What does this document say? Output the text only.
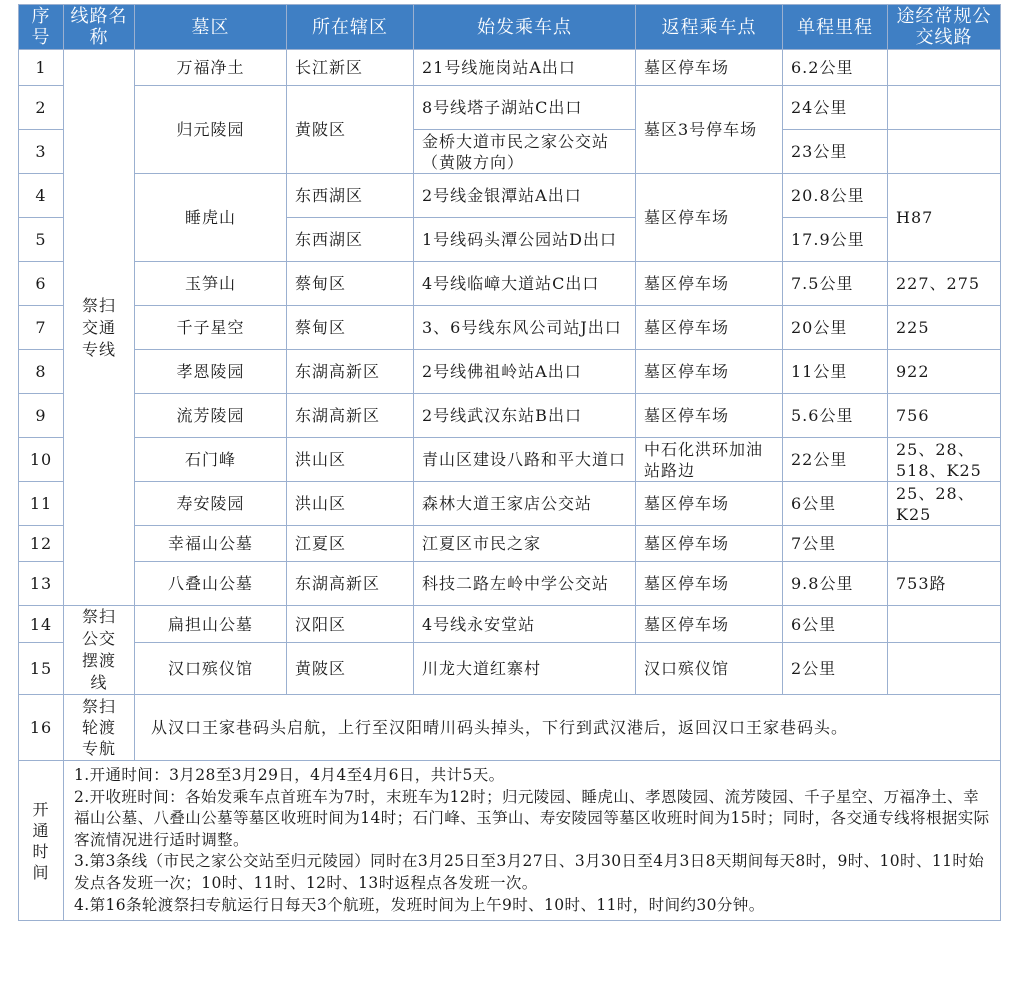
序号	线路名称	墓区	所在辖区	始发乘车点	返程乘车点	单程里程	途经常规公交线路
1	祭扫交通专线	万福净土	长江新区	21号线施岗站A出口	墓区停车场	6.2公里	
2		归元陵园	黄陂区	8号线塔子湖站C出口	墓区3号停车场	24公里	
3				金桥大道市民之家公交站（黄陂方向）		23公里	
4		睡虎山	东西湖区	2号线金银潭站A出口	墓区停车场	20.8公里	H87
5			东西湖区	1号线码头潭公园站D出口		17.9公里	
6		玉笋山	蔡甸区	4号线临嶂大道站C出口	墓区停车场	7.5公里	227、275
7		千子星空	蔡甸区	3、6号线东风公司站J出口	墓区停车场	20公里	225
8		孝恩陵园	东湖高新区	2号线佛祖岭站A出口	墓区停车场	11公里	922
9		流芳陵园	东湖高新区	2号线武汉东站B出口	墓区停车场	5.6公里	756
10		石门峰	洪山区	青山区建设八路和平大道口	中石化洪环加油站路边	22公里	25、28、518、K25
11		寿安陵园	洪山区	森林大道王家店公交站	墓区停车场	6公里	25、28、K25
12		幸福山公墓	江夏区	江夏区市民之家	墓区停车场	7公里	
13		八叠山公墓	东湖高新区	科技二路左岭中学公交站	墓区停车场	9.8公里	753路
14	祭扫公交摆渡线	扁担山公墓	汉阳区	4号线永安堂站	墓区停车场	6公里	
15		汉口殡仪馆	黄陂区	川龙大道红寨村	汉口殡仪馆	2公里	
16	祭扫轮渡专航	从汉口王家巷码头启航，上行至汉阳晴川码头掉头，下行到武汉港后，返回汉口王家巷码头。					
开通时间	1.开通时间：3月28至3月29日，4月4至4月6日，共计5天。
2.开收班时间：各始发乘车点首班车为7时，末班车为12时；归元陵园、睡虎山、孝恩陵园、流芳陵园、千子星空、万福净土、幸福山公墓、八叠山公墓等墓区收班时间为14时；石门峰、玉笋山、寿安陵园等墓区收班时间为15时；同时，各交通专线将根据实际客流情况进行适时调整。
3.第3条线（市民之家公交站至归元陵园）同时在3月25日至3月27日、3月30日至4月3日8天期间每天8时，9时、10时、11时始发点各发班一次；10时、11时、12时、13时返程点各发班一次。
4.第16条轮渡祭扫专航运行日每天3个航班，发班时间为上午9时、10时、11时，时间约30分钟。						
